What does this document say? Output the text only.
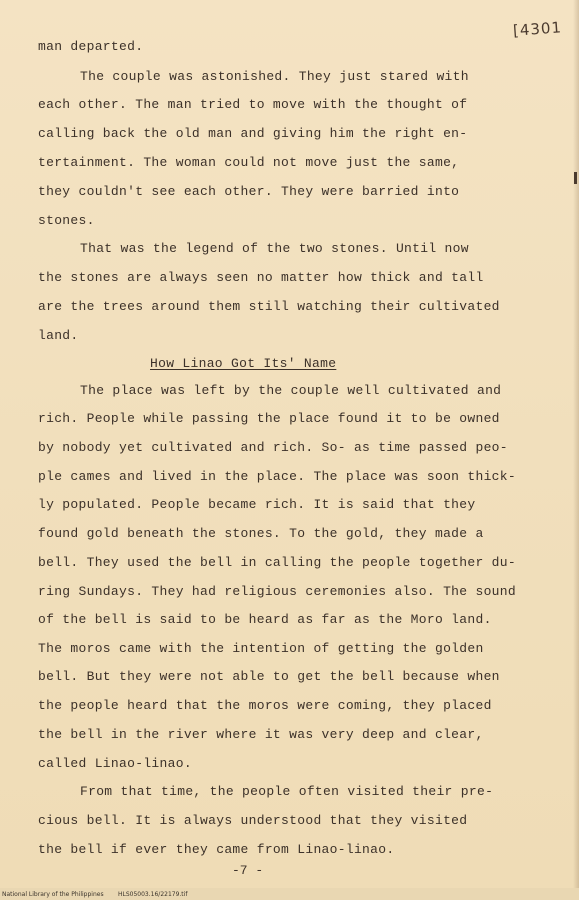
[4301
man departed.
The couple was astonished. They just stared with
each other. The man tried to move with the thought of
calling back the old man and giving him the right en-
tertainment. The woman could not move just the same,
they couldn't see each other. They were barried into
stones.
That was the legend of the two stones. Until now
the stones are always seen no matter how thick and tall
are the trees around them still watching their cultivated
land.
How Linao Got Its' Name
The place was left by the couple well cultivated and
rich. People while passing the place found it to be owned
by nobody yet cultivated and rich. So- as time passed peo-
ple cames and lived in the place. The place was soon thick-
ly populated. People became rich. It is said that they
found gold beneath the stones. To the gold, they made a
bell. They used the bell in calling the people together du-
ring Sundays. They had religious ceremonies also. The sound
of the bell is said to be heard as far as the Moro land.
The moros came with the intention of getting the golden
bell. But they were not able to get the bell because when
the people heard that the moros were coming, they placed
the bell in the river where it was very deep and clear,
called Linao-linao.
From that time, the people often visited their pre-
cious bell. It is always understood that they visited
the bell if ever they came from Linao-linao.
-7 -
National Library of the Philippines HLS05003.16/22179.tif
